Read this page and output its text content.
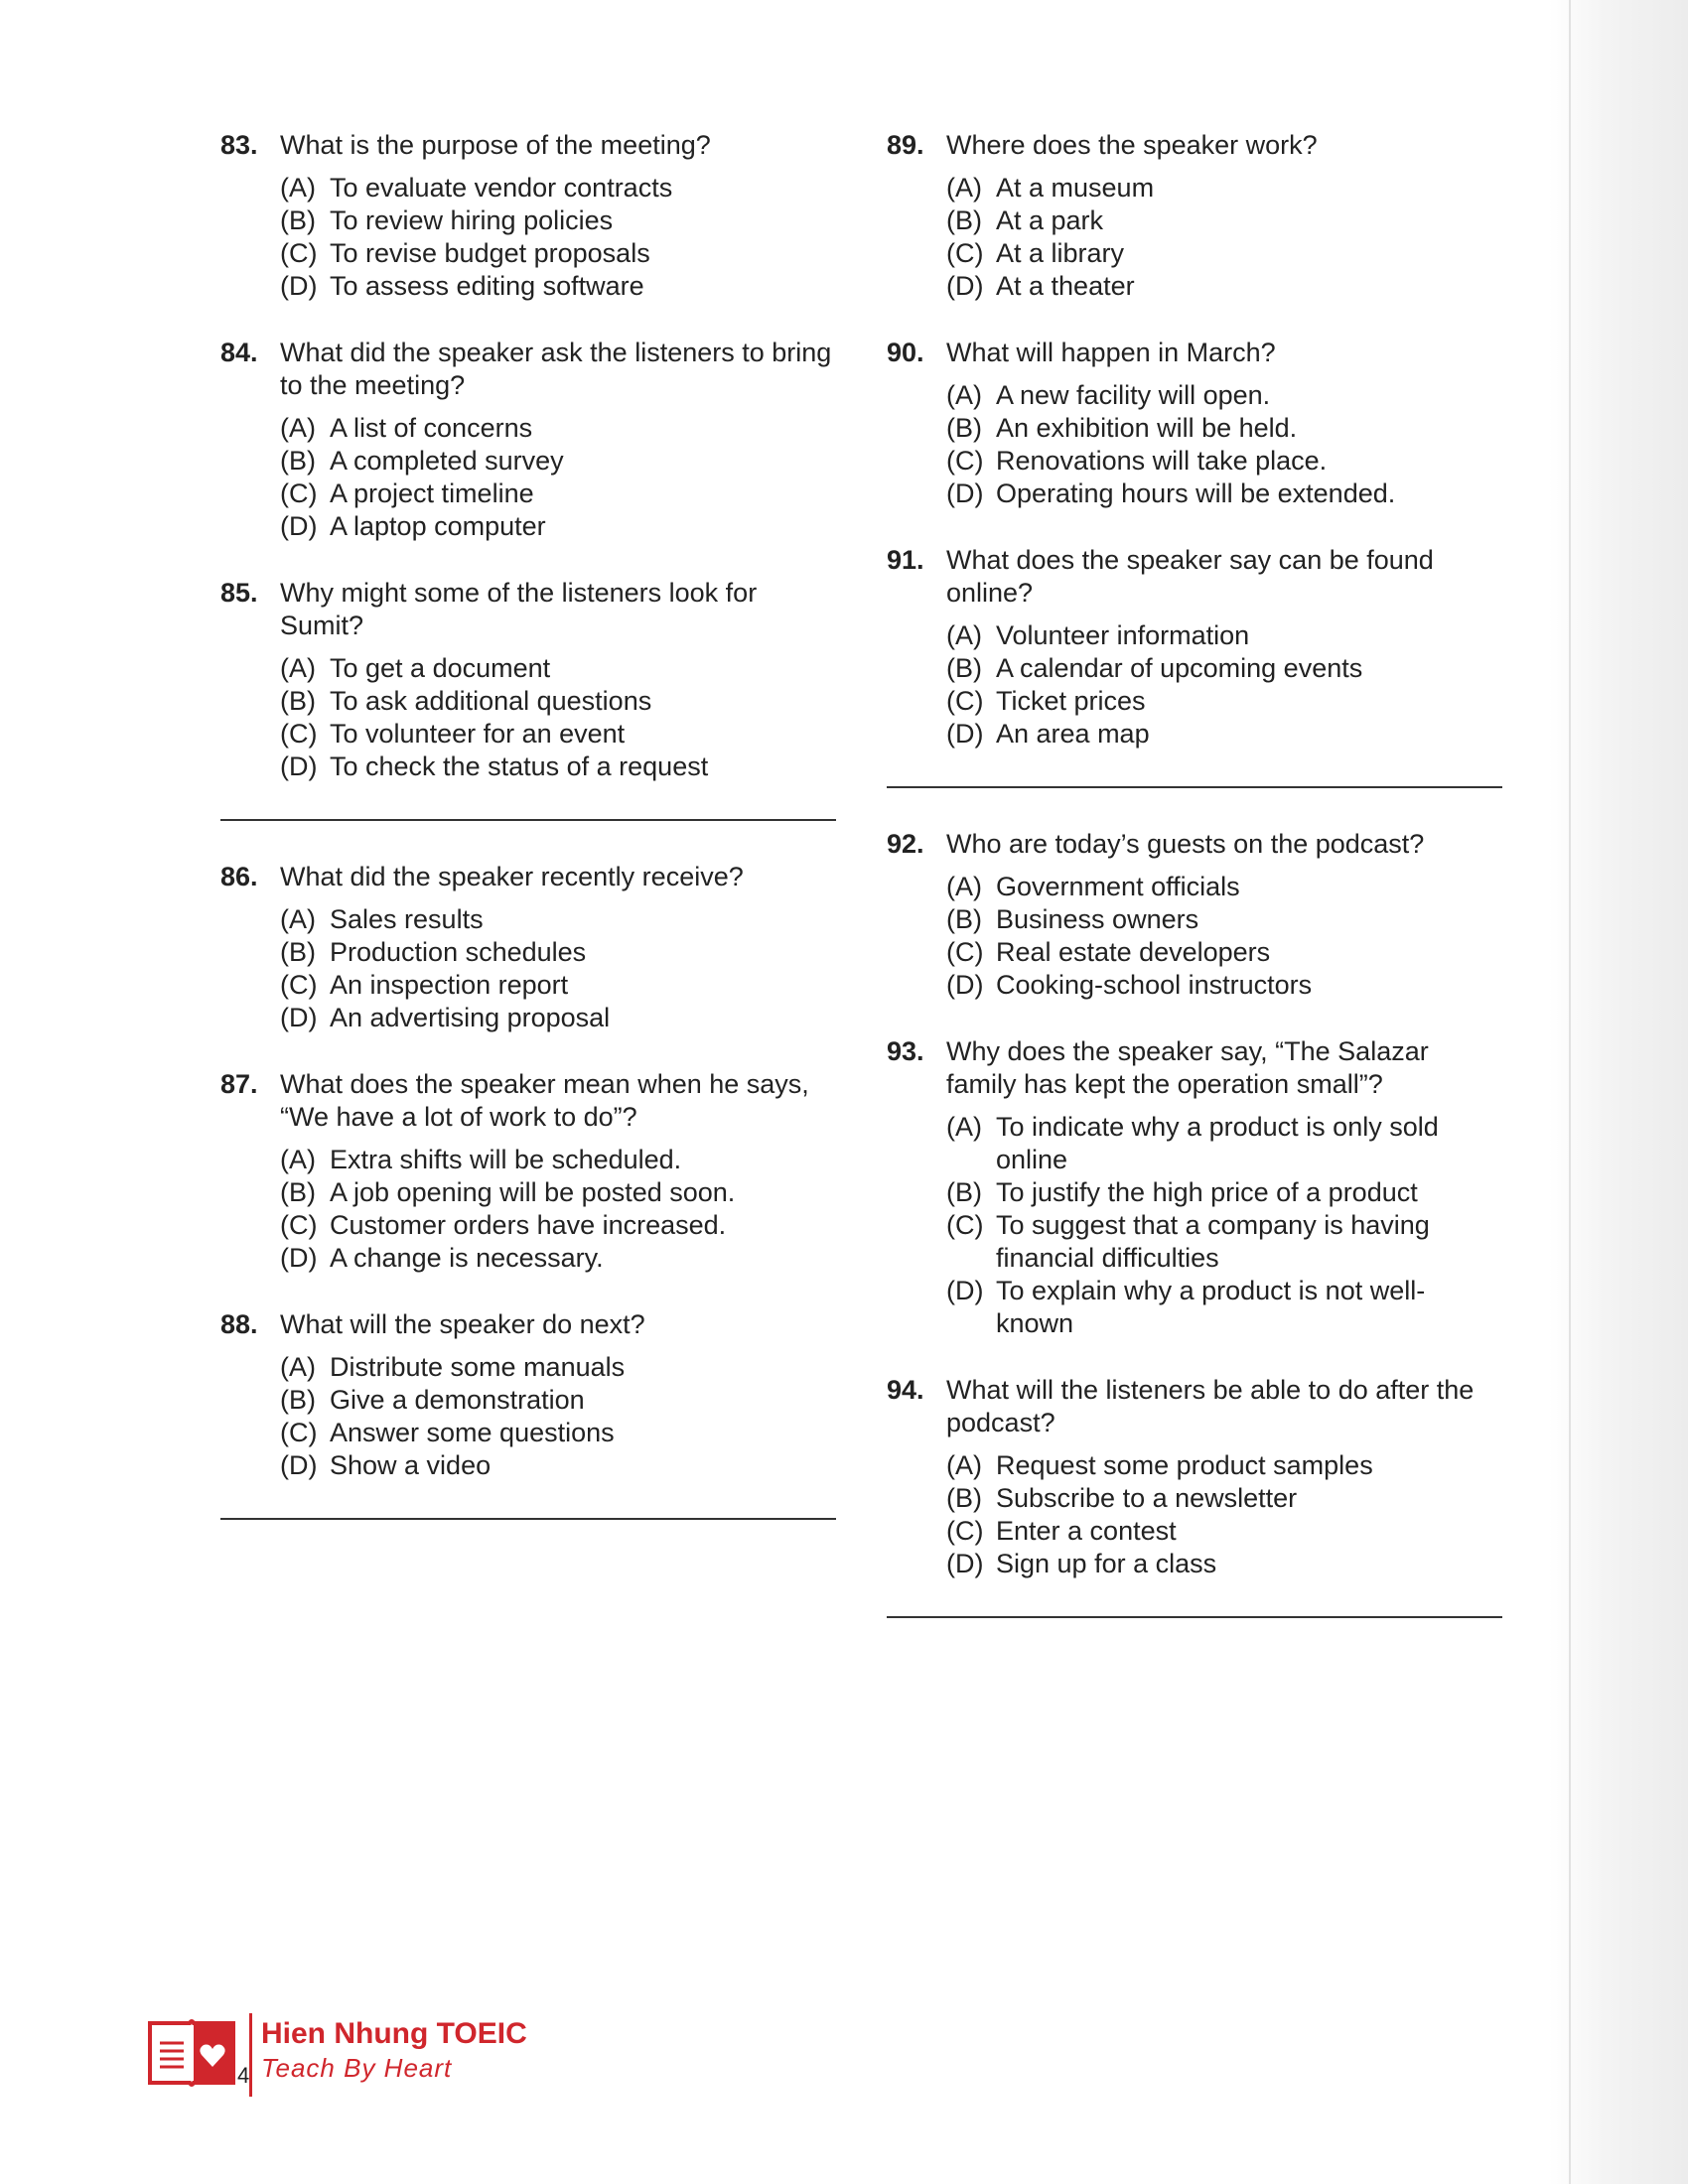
83. What is the purpose of the meeting?
(A) To evaluate vendor contracts
(B) To review hiring policies
(C) To revise budget proposals
(D) To assess editing software
84. What did the speaker ask the listeners to bring to the meeting?
(A) A list of concerns
(B) A completed survey
(C) A project timeline
(D) A laptop computer
85. Why might some of the listeners look for Sumit?
(A) To get a document
(B) To ask additional questions
(C) To volunteer for an event
(D) To check the status of a request
86. What did the speaker recently receive?
(A) Sales results
(B) Production schedules
(C) An inspection report
(D) An advertising proposal
87. What does the speaker mean when he says, “We have a lot of work to do”?
(A) Extra shifts will be scheduled.
(B) A job opening will be posted soon.
(C) Customer orders have increased.
(D) A change is necessary.
88. What will the speaker do next?
(A) Distribute some manuals
(B) Give a demonstration
(C) Answer some questions
(D) Show a video
89. Where does the speaker work?
(A) At a museum
(B) At a park
(C) At a library
(D) At a theater
90. What will happen in March?
(A) A new facility will open.
(B) An exhibition will be held.
(C) Renovations will take place.
(D) Operating hours will be extended.
91. What does the speaker say can be found online?
(A) Volunteer information
(B) A calendar of upcoming events
(C) Ticket prices
(D) An area map
92. Who are today’s guests on the podcast?
(A) Government officials
(B) Business owners
(C) Real estate developers
(D) Cooking-school instructors
93. Why does the speaker say, “The Salazar family has kept the operation small”?
(A) To indicate why a product is only sold online
(B) To justify the high price of a product
(C) To suggest that a company is having financial difficulties
(D) To explain why a product is not well-known
94. What will the listeners be able to do after the podcast?
(A) Request some product samples
(B) Subscribe to a newsletter
(C) Enter a contest
(D) Sign up for a class
4
Hien Nhung TOEIC
Teach By Heart
